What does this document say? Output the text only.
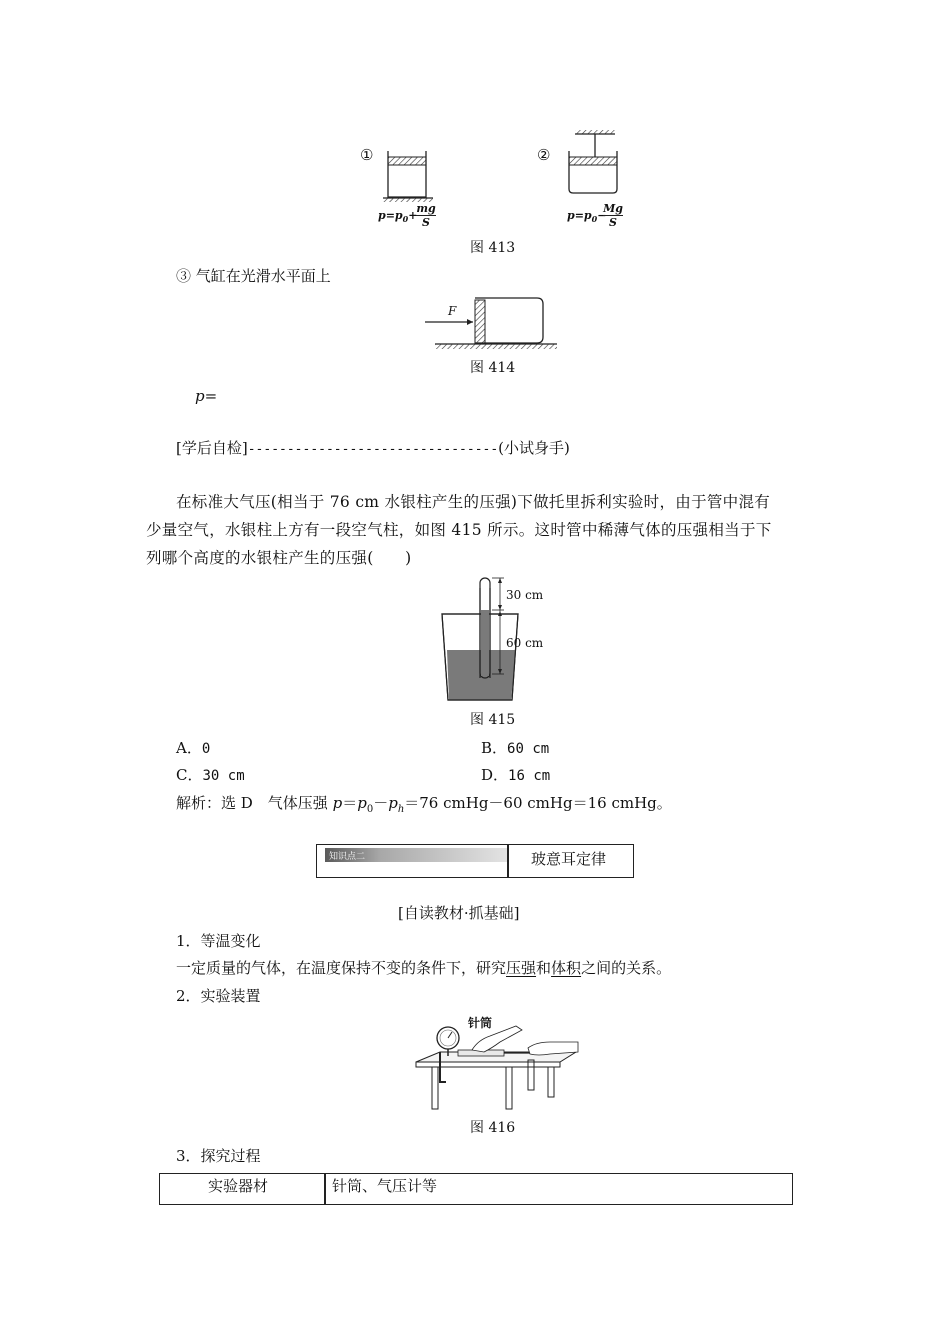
①	②
$p=p_0+$
mg
S
$p=p_0-$
Mg
S
图 413
③ 气缸在光滑水平面上
F
图 414
p=
[学后自检]--------------------------------(小试身手)
在标准大气压(相当于 76 cm 水银柱产生的压强)下做托里拆利实验时，由于管中混有
少量空气，水银柱上方有一段空气柱，如图 415 所示。这时管中稀薄气体的压强相当于下
列哪个高度的水银柱产生的压强(　　)
30 cm
60 cm
图 415
A．0	B．60 cm
C．30 cm	D．16 cm
解析：选 D　气体压强 $p=p_0-p_h=76$ cmHg－60 cmHg＝16 cmHg。
知识点二	玻意耳定律
[自读教材·抓基础]
1．等温变化
一定质量的气体，在温度保持不变的条件下，研究压强和体积之间的关系。
2．实验装置
针筒
图 416
3．探究过程
实验器材	针筒、气压计等
